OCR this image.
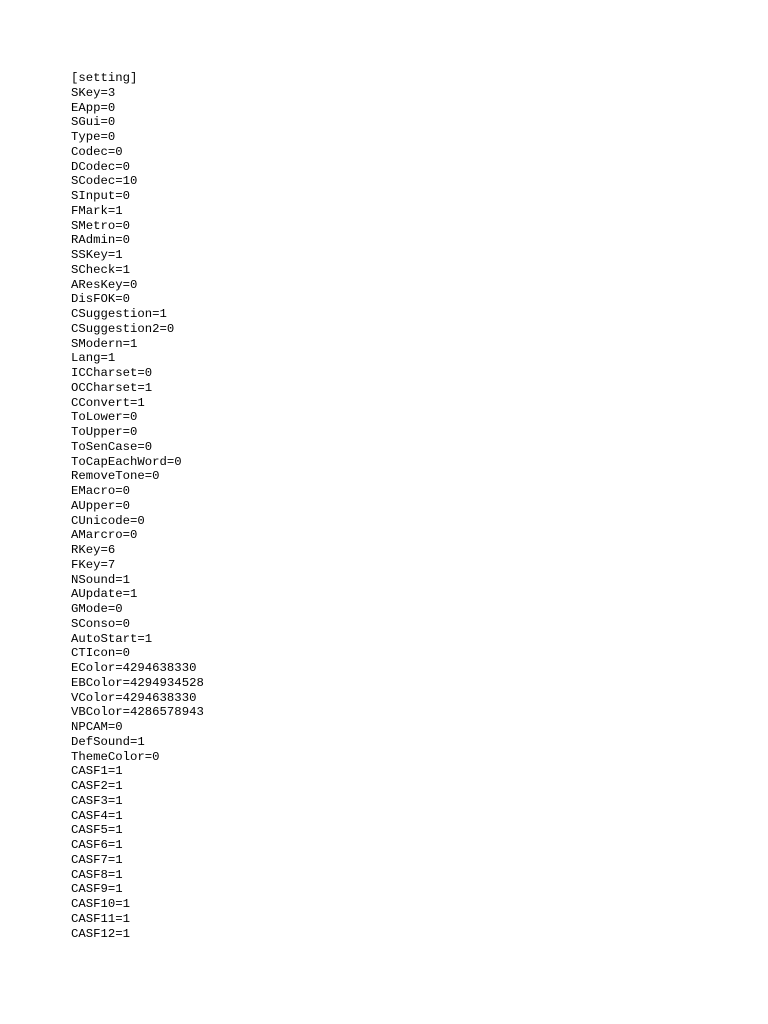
[setting]
SKey=3
EApp=0
SGui=0
Type=0
Codec=0
DCodec=0
SCodec=10
SInput=0
FMark=1
SMetro=0
RAdmin=0
SSKey=1
SCheck=1
AResKey=0
DisFOK=0
CSuggestion=1
CSuggestion2=0
SModern=1
Lang=1
ICCharset=0
OCCharset=1
CConvert=1
ToLower=0
ToUpper=0
ToSenCase=0
ToCapEachWord=0
RemoveTone=0
EMacro=0
AUpper=0
CUnicode=0
AMarcro=0
RKey=6
FKey=7
NSound=1
AUpdate=1
GMode=0
SConso=0
AutoStart=1
CTIcon=0
EColor=4294638330
EBColor=4294934528
VColor=4294638330
VBColor=4286578943
NPCAM=0
DefSound=1
ThemeColor=0
CASF1=1
CASF2=1
CASF3=1
CASF4=1
CASF5=1
CASF6=1
CASF7=1
CASF8=1
CASF9=1
CASF10=1
CASF11=1
CASF12=1
